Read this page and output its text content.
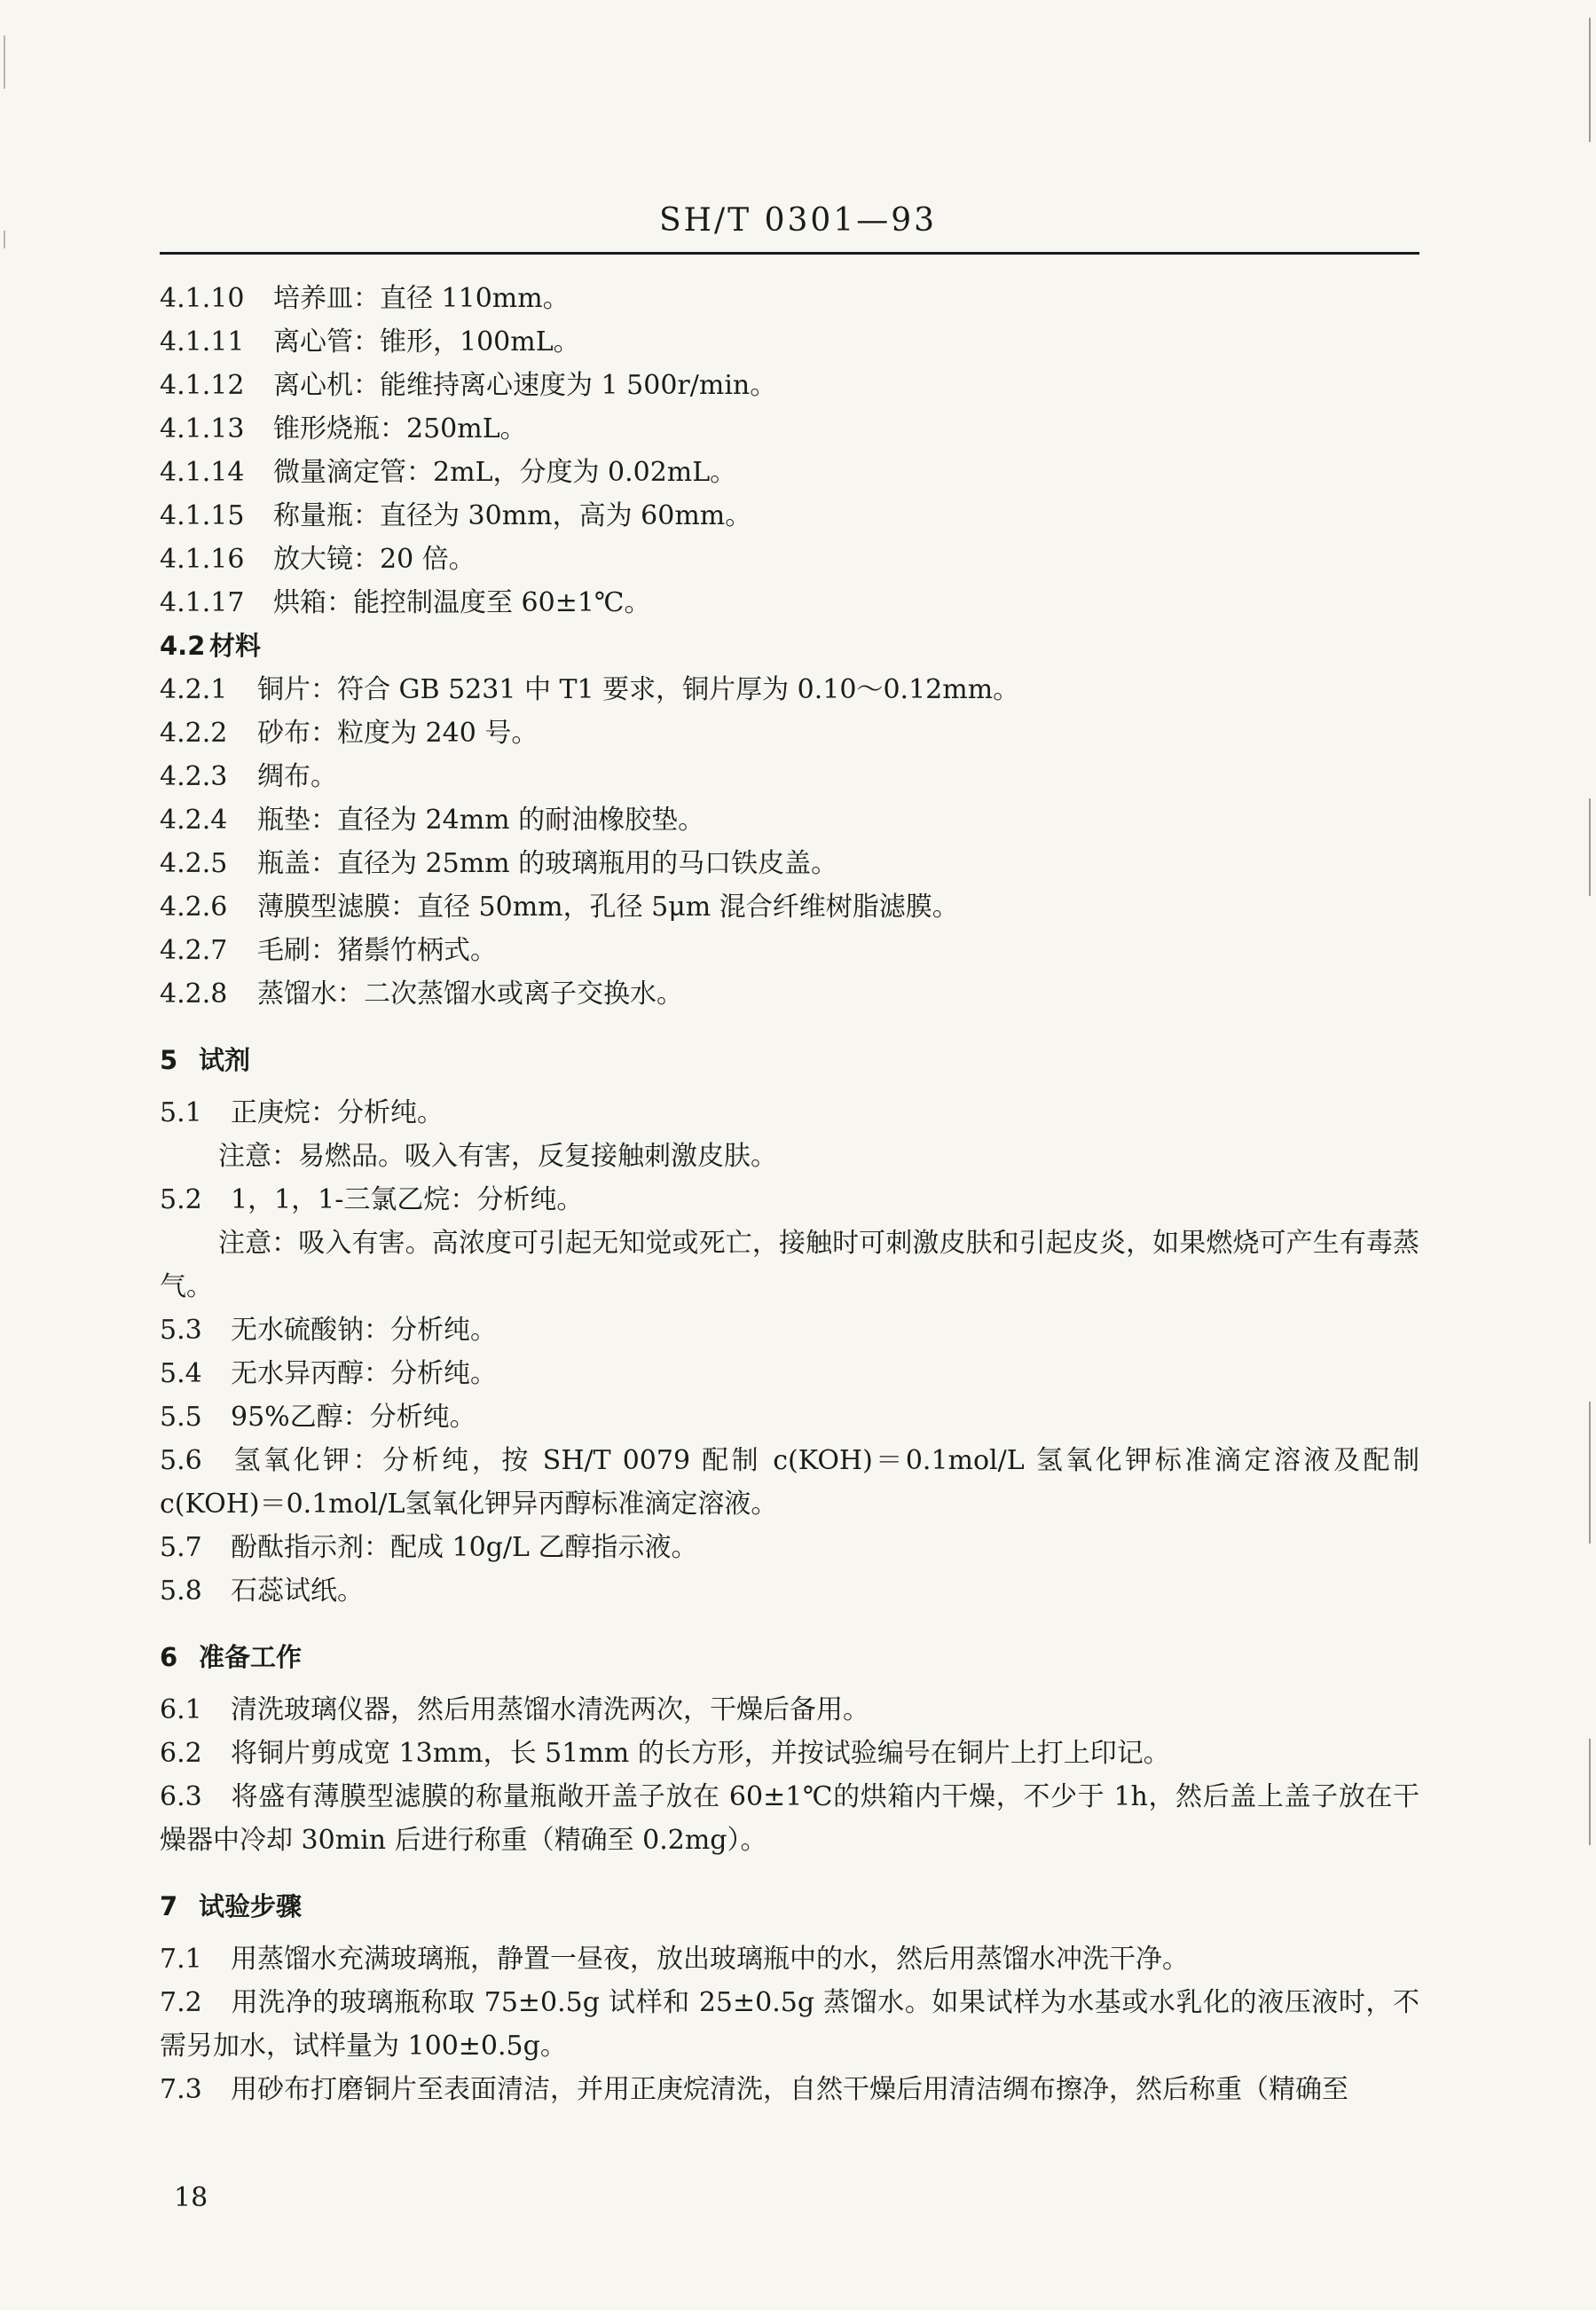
SH/T 0301—93
4.1.10 培养皿：直径 110mm。
4.1.11 离心管：锥形，100mL。
4.1.12 离心机：能维持离心速度为 1 500r/min。
4.1.13 锥形烧瓶：250mL。
4.1.14 微量滴定管：2mL，分度为 0.02mL。
4.1.15 称量瓶：直径为 30mm，高为 60mm。
4.1.16 放大镜：20 倍。
4.1.17 烘箱：能控制温度至 60±1℃。
4.2 材料
4.2.1 铜片：符合 GB 5231 中 T1 要求，铜片厚为 0.10～0.12mm。
4.2.2 砂布：粒度为 240 号。
4.2.3 绸布。
4.2.4 瓶垫：直径为 24mm 的耐油橡胶垫。
4.2.5 瓶盖：直径为 25mm 的玻璃瓶用的马口铁皮盖。
4.2.6 薄膜型滤膜：直径 50mm，孔径 5μm 混合纤维树脂滤膜。
4.2.7 毛刷：猪鬃竹柄式。
4.2.8 蒸馏水：二次蒸馏水或离子交换水。
5 试剂
5.1 正庚烷：分析纯。
注意：易燃品。吸入有害，反复接触刺激皮肤。
5.2 1，1，1-三氯乙烷：分析纯。
注意：吸入有害。高浓度可引起无知觉或死亡，接触时可刺激皮肤和引起皮炎，如果燃烧可产生有毒蒸气。
5.3 无水硫酸钠：分析纯。
5.4 无水异丙醇：分析纯。
5.5 95%乙醇：分析纯。
5.6 氢氧化钾：分析纯，按 SH/T 0079 配制 c(KOH)＝0.1mol/L 氢氧化钾标准滴定溶液及配制 c(KOH)＝0.1mol/L氢氧化钾异丙醇标准滴定溶液。
5.7 酚酞指示剂：配成 10g/L 乙醇指示液。
5.8 石蕊试纸。
6 准备工作
6.1 清洗玻璃仪器，然后用蒸馏水清洗两次，干燥后备用。
6.2 将铜片剪成宽 13mm，长 51mm 的长方形，并按试验编号在铜片上打上印记。
6.3 将盛有薄膜型滤膜的称量瓶敞开盖子放在 60±1℃的烘箱内干燥，不少于 1h，然后盖上盖子放在干燥器中冷却 30min 后进行称重（精确至 0.2mg）。
7 试验步骤
7.1 用蒸馏水充满玻璃瓶，静置一昼夜，放出玻璃瓶中的水，然后用蒸馏水冲洗干净。
7.2 用洗净的玻璃瓶称取 75±0.5g 试样和 25±0.5g 蒸馏水。如果试样为水基或水乳化的液压液时，不需另加水，试样量为 100±0.5g。
7.3 用砂布打磨铜片至表面清洁，并用正庚烷清洗，自然干燥后用清洁绸布擦净，然后称重（精确至
18
